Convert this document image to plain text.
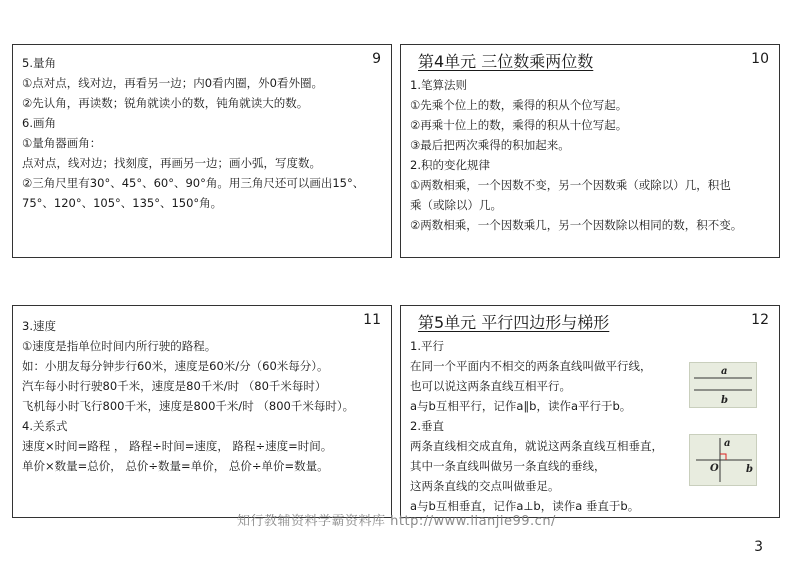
9
5.量角
①点对点，线对边，再看另一边；内0看内圈，外0看外圈。
②先认角，再读数；锐角就读小的数，钝角就读大的数。
6.画角
①量角器画角：
点对点，线对边；找刻度，再画另一边；画小弧，写度数。
②三角尺里有30°、45°、60°、90°角。用三角尺还可以画出15°、
75°、120°、105°、135°、150°角。
10
第4单元 三位数乘两位数
1.笔算法则
①先乘个位上的数，乘得的积从个位写起。
②再乘十位上的数，乘得的积从十位写起。
③最后把两次乘得的积加起来。
2.积的变化规律
①两数相乘，一个因数不变，另一个因数乘（或除以）几，积也
乘（或除以）几。
②两数相乘，一个因数乘几，另一个因数除以相同的数，积不变。
11
3.速度
①速度是指单位时间内所行驶的路程。
如：小朋友每分钟步行60米，速度是60米/分（60米每分）。
汽车每小时行驶80千米，速度是80千米/时 （80千米每时）
飞机每小时飞行800千米，速度是800千米/时 （800千米每时）。
4.关系式
速度×时间=路程 ， 路程÷时间=速度， 路程÷速度=时间。
单价×数量=总价， 总价÷数量=单价， 总价÷单价=数量。
12
第5单元 平行四边形与梯形
1.平行
在同一个平面内不相交的两条直线叫做平行线，
也可以说这两条直线互相平行。
a与b互相平行，记作a∥b，读作a平行于b。
2.垂直
两条直线相交成直角，就说这两条直线互相垂直，
其中一条直线叫做另一条直线的垂线，
这两条直线的交点叫做垂足。
a与b互相垂直，记作a⊥b，读作a 垂直于b。
a
b
a
b
O
知行教辅资料学霸资料库 http://www.lianjie99.cn/
3
